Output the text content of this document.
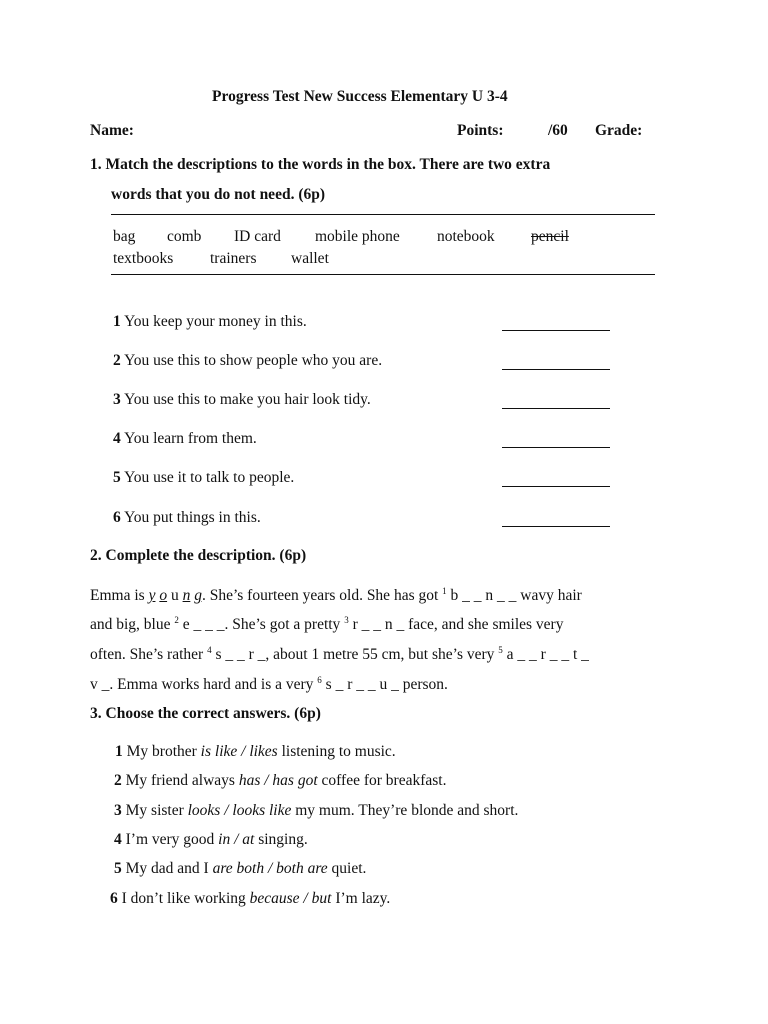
Progress Test New Success Elementary U 3-4
Name:	Points:	/60 Grade:
1. Match the descriptions to the words in the box. There are two extra
words that you do not need. (6p)
bag comb ID card mobile phone notebook pencil
textbooks trainers wallet
1 You keep your money in this.
2 You use this to show people who you are.
3 You use this to make you hair look tidy.
4 You learn from them.
5 You use it to talk to people.
6 You put things in this.
2. Complete the description. (6p)
Emma is y o u n g. She’s fourteen years old. She has got $^1$ b _ _ n _ _ wavy hair
and big, blue $^2$ e _ _ _. She’s got a pretty $^3$ r _ _ n _ face, and she smiles very
often. She’s rather $^4$ s _ _ r _, about 1 metre 55 cm, but she’s very $^5$ a _ _ r _ _ t _
v _. Emma works hard and is a very $^6$ s _ r _ _ u _ person.
3. Choose the correct answers. (6p)
1 My brother is like / likes listening to music.
2 My friend always has / has got coffee for breakfast.
3 My sister looks / looks like my mum. They’re blonde and short.
4 I’m very good in / at singing.
5 My dad and I are both / both are quiet.
6 I don’t like working because / but I’m lazy.
